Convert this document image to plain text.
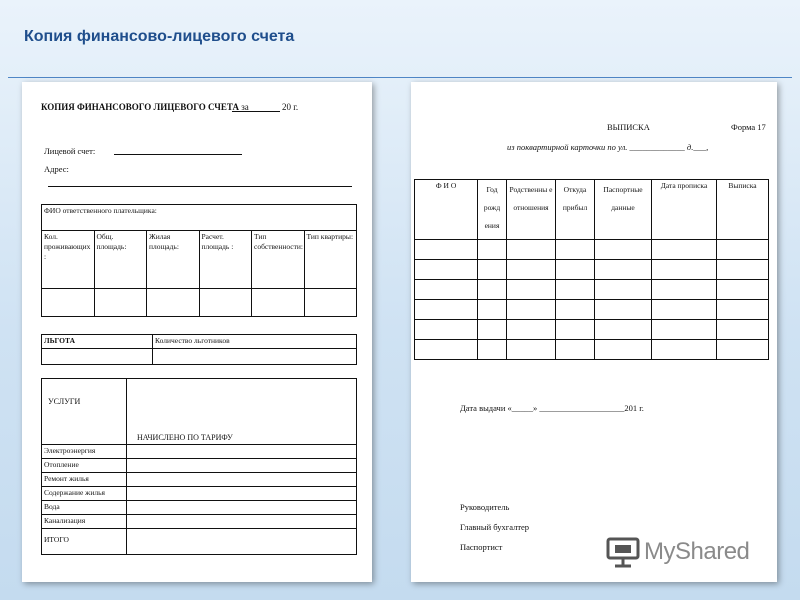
Копия финансово-лицевого счета
КОПИЯ ФИНАНСОВОГО ЛИЦЕВОГО СЧЕТА за	20 г.
Лицевой счет:
Адрес:
ФИО ответственного плательщика:					
Кол. проживающих :	Общ. площадь:	Жилая площадь:	Расчет. площадь :	Тип собственности:	Тип квартиры:

ЛЬГОТА	Количество льготников

УСЛУГИ	НАЧИСЛЕНО ПО ТАРИФУ
Электроэнергия	
Отопление	
Ремонт жилья	
Содержание жилья	
Вода	
Канализация	
ИТОГО	
ВЫПИСКА	Форма 17
из поквартирной карточки по ул. _____________ д.___,
Ф И О	Год рожд ения	Родственны е отношения	Откуда прибыл	Паспортные данные	Дата прописка	Выписка

Дата выдачи «_____» ____________________201 г.
Руководитель
Главный бухгалтер
Паспортист	MyShared
